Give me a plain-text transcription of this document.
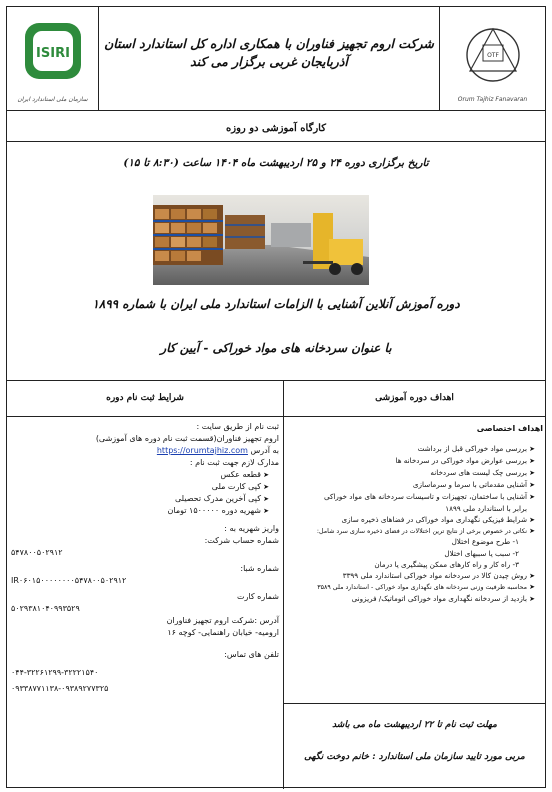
ISIRI
سازمان ملی استاندارد ایران
شرکت اروم تجهیز فناوران با همکاری اداره کل استاندارد استان آذربایجان غربی برگزار می کند	OTF
Orum Tajhiz Fanavaran
کارگاه آموزشی دو روزه
تاریخ برگزاری دوره ۲۴ و ۲۵ اردیبهشت ماه ۱۴۰۴ ساعت (۸:۳۰ تا ۱۵)
دوره آموزش آنلاین آشنایی با الزامات استاندارد ملی ایران با شماره ۱۸۹۹
با عنوان سردخانه های مواد خوراکی - آیین کار
شرایط ثبت نام دوره	اهداف دوره آموزشی
ثبت نام از طریق سایت :
اروم تجهیز فناوران(قسمت ثبت نام دوره های آموزشی)
به آدرس https://orumtajhiz.com
مدارک لازم جهت ثبت نام :
➤قطعه عکس
➤کپی کارت ملی
➤کپی آخرین مدرک تحصیلی
➤شهریه دوره ۱۵۰۰۰۰۰ تومان
واریز شهریه به :
شماره حساب شرکت:
۵۴۷۸۰۰۵۰۲۹۱۲
شماره شبا:
IR۰۶۰۱۵۰۰۰۰۰۰۰۰۵۴۷۸۰۰۵۰۲۹۱۲
شماره کارت
۵۰۲۹۳۸۱۰۴۰۹۹۳۵۲۹
آدرس :شرکت اروم تجهیز فناوران
ارومیه- خیابان راهنمایی- کوچه ۱۶
تلفن های تماس:
۰۴۴-۳۲۲۶۱۲۹۹-۳۲۲۲۱۵۴۰
۰۹۳۳۸۷۷۱۱۳۸-۰۹۳۸۹۲۷۷۳۲۵
اهداف اختصاصی
➤بررسی مواد خوراکی قبل از برداشت
➤بررسی عوارض مواد خوراکی در سردخانه ها
➤بررسی چک لیست های سردخانه
➤آشنایی مقدماتی با سرما و سرماسازی
➤آشنایی با ساختمان، تجهیزات و تاسیسات سردخانه های مواد خوراکی
برابر با استاندارد ملی ۱۸۹۹
➤شرایط فیزیکی نگهداری مواد خوراکی در فضاهای ذخیره سازی
➤نکاتی در خصوص برخی از نتایج ترین اختلالات در فضای ذخیره سازی سرد شامل:
۱- طرح موضوع اختلال
۲- سبب یا سببهای اختلال
۳- راه کار و راه کارهای ممکن پیشگیری یا درمان
➤روش چیدن کالا در سردخانه مواد خوراکی استاندارد ملی ۳۳۹۹
➤محاسبه ظرفیت وزنی سردخانه های نگهداری مواد خوراکی - استاندارد ملی ۳۵۸۹
➤بازدید از سردخانه نگهداری مواد خوراکی اتوماتیک/ فریزونی
مهلت ثبت نام تا ۲۲ اردیبهشت ماه می باشد
مربی مورد تایید سازمان ملی استاندارد : خانم دوخت نگهی
